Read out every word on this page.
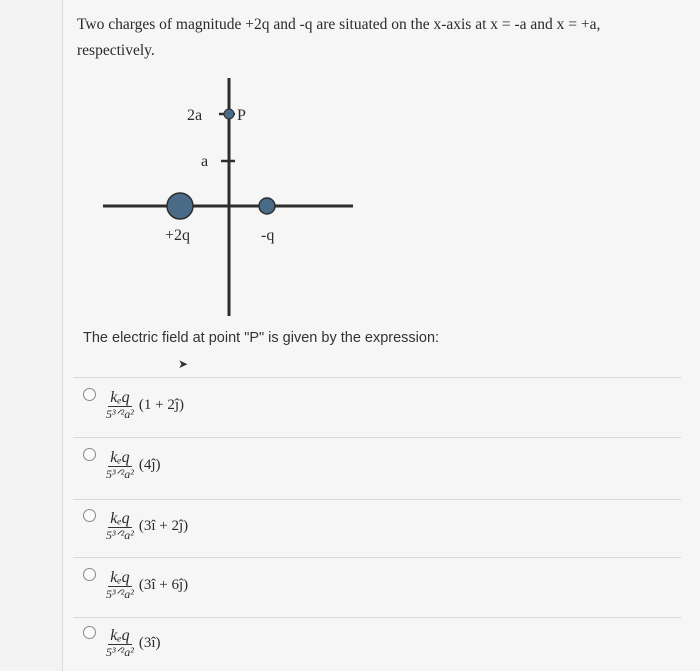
Two charges of magnitude +2q and -q are situated on the x-axis at x = -a and x = +a, respectively.
2a
a
P
+2q	-q
The electric field at point "P" is given by the expression:
➤
$\frac{\text{kₑq}}{\text{5³ᐟ²a²}} (1$ + 2ĵ)
$\frac{\text{kₑq}}{\text{5³ᐟ²a²}}$ (4ĵ)
$\frac{\text{kₑq}}{\text{5³ᐟ²a²}}$ (3î + 2ĵ)
$\frac{\text{kₑq}}{\text{5³ᐟ²a²}}$ (3î + 6ĵ)
$\frac{\text{kₑq}}{\text{5³ᐟ²a²}}$ (3î)
